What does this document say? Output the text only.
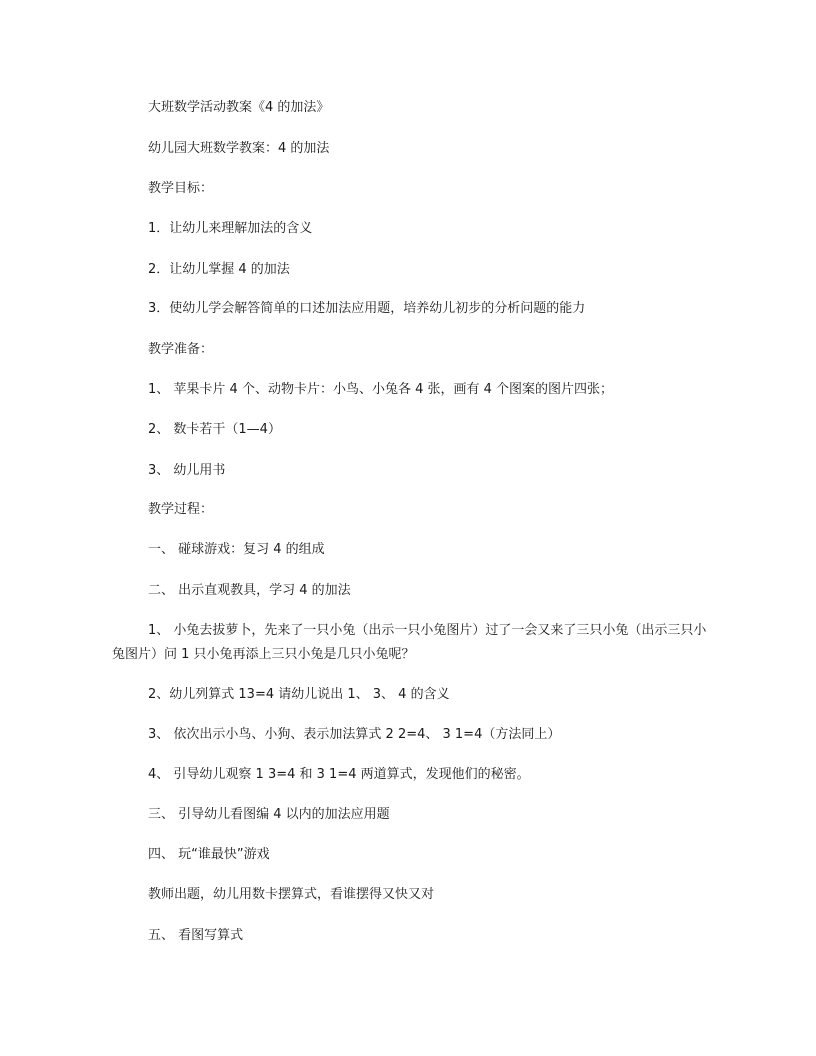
大班数学活动教案《4 的加法》
幼儿园大班数学教案：4 的加法
教学目标：
1．让幼儿来理解加法的含义
2．让幼儿掌握 4 的加法
3．使幼儿学会解答简单的口述加法应用题，培养幼儿初步的分析问题的能力
教学准备：
1、 苹果卡片 4 个、动物卡片：小鸟、小兔各 4 张，画有 4 个图案的图片四张；
2、 数卡若干（1—4）
3、 幼儿用书
教学过程：
一、 碰球游戏：复习 4 的组成
二、 出示直观教具，学习 4 的加法
1、 小兔去拔萝卜，先来了一只小兔（出示一只小兔图片）过了一会又来了三只小兔（出示三只小兔图片）问 1 只小兔再添上三只小兔是几只小兔呢？
2、幼儿列算式 13=4 请幼儿说出 1、 3、 4 的含义
3、 依次出示小鸟、小狗、表示加法算式 2 2=4、 3 1=4（方法同上）
4、 引导幼儿观察 1 3=4 和 3 1=4 两道算式，发现他们的秘密。
三、 引导幼儿看图编 4 以内的加法应用题
四、 玩“谁最快”游戏
教师出题，幼儿用数卡摆算式，看谁摆得又快又对
五、 看图写算式
